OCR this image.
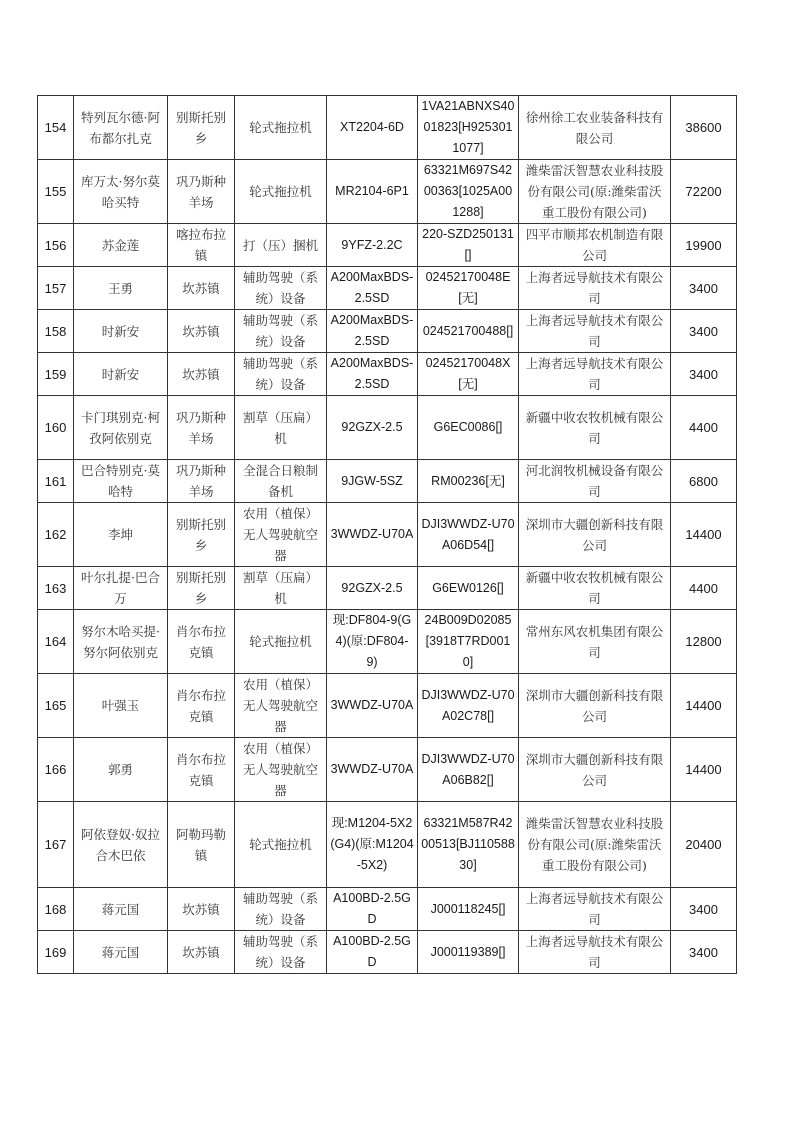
154	特列瓦尔德·阿布都尔扎克	别斯托别乡	轮式拖拉机	XT2204-6D	1VA21ABNXS4001823[H9253011077]	徐州徐工农业装备科技有限公司	38600
155	库万太·努尔莫哈买特	巩乃斯种羊场	轮式拖拉机	MR2104-6P1	63321M697S4200363[1025A001288]	潍柴雷沃智慧农业科技股份有限公司(原:潍柴雷沃重工股份有限公司)	72200
156	苏金莲	喀拉布拉镇	打（压）捆机	9YFZ-2.2C	220-SZD250131[]	四平市顺邦农机制造有限公司	19900
157	王勇	坎苏镇	辅助驾驶（系统）设备	A200MaxBDS-2.5SD	02452170048E[无]	上海者远导航技术有限公司	3400
158	时新安	坎苏镇	辅助驾驶（系统）设备	A200MaxBDS-2.5SD	024521700488[]	上海者远导航技术有限公司	3400
159	时新安	坎苏镇	辅助驾驶（系统）设备	A200MaxBDS-2.5SD	02452170048X[无]	上海者远导航技术有限公司	3400
160	卡门琪别克·柯孜阿依别克	巩乃斯种羊场	割草（压扁）机	92GZX-2.5	G6EC0086[]	新疆中收农牧机械有限公司	4400
161	巴合特别克·莫哈特	巩乃斯种羊场	全混合日粮制备机	9JGW-5SZ	RM00236[无]	河北润牧机械设备有限公司	6800
162	李坤	别斯托别乡	农用（植保）无人驾驶航空器	3WWDZ-U70A	DJI3WWDZ-U70A06D54[]	深圳市大疆创新科技有限公司	14400
163	叶尔扎提·巴合万	别斯托别乡	割草（压扁）机	92GZX-2.5	G6EW0126[]	新疆中收农牧机械有限公司	4400
164	努尔木哈买提·努尔阿依别克	肖尔布拉克镇	轮式拖拉机	现:DF804-9(G4)(原:DF804-9)	24B009D02085[3918T7RD0010]	常州东风农机集团有限公司	12800
165	叶强玉	肖尔布拉克镇	农用（植保）无人驾驶航空器	3WWDZ-U70A	DJI3WWDZ-U70A02C78[]	深圳市大疆创新科技有限公司	14400
166	郭勇	肖尔布拉克镇	农用（植保）无人驾驶航空器	3WWDZ-U70A	DJI3WWDZ-U70A06B82[]	深圳市大疆创新科技有限公司	14400
167	阿依登奴·奴拉合木巴依	阿勒玛勒镇	轮式拖拉机	现:M1204-5X2(G4)(原:M1204-5X2)	63321M587R4200513[BJ11058830]	潍柴雷沃智慧农业科技股份有限公司(原:潍柴雷沃重工股份有限公司)	20400
168	蒋元国	坎苏镇	辅助驾驶（系统）设备	A100BD-2.5GD	J000118245[]	上海者远导航技术有限公司	3400
169	蒋元国	坎苏镇	辅助驾驶（系统）设备	A100BD-2.5GD	J000119389[]	上海者远导航技术有限公司	3400
